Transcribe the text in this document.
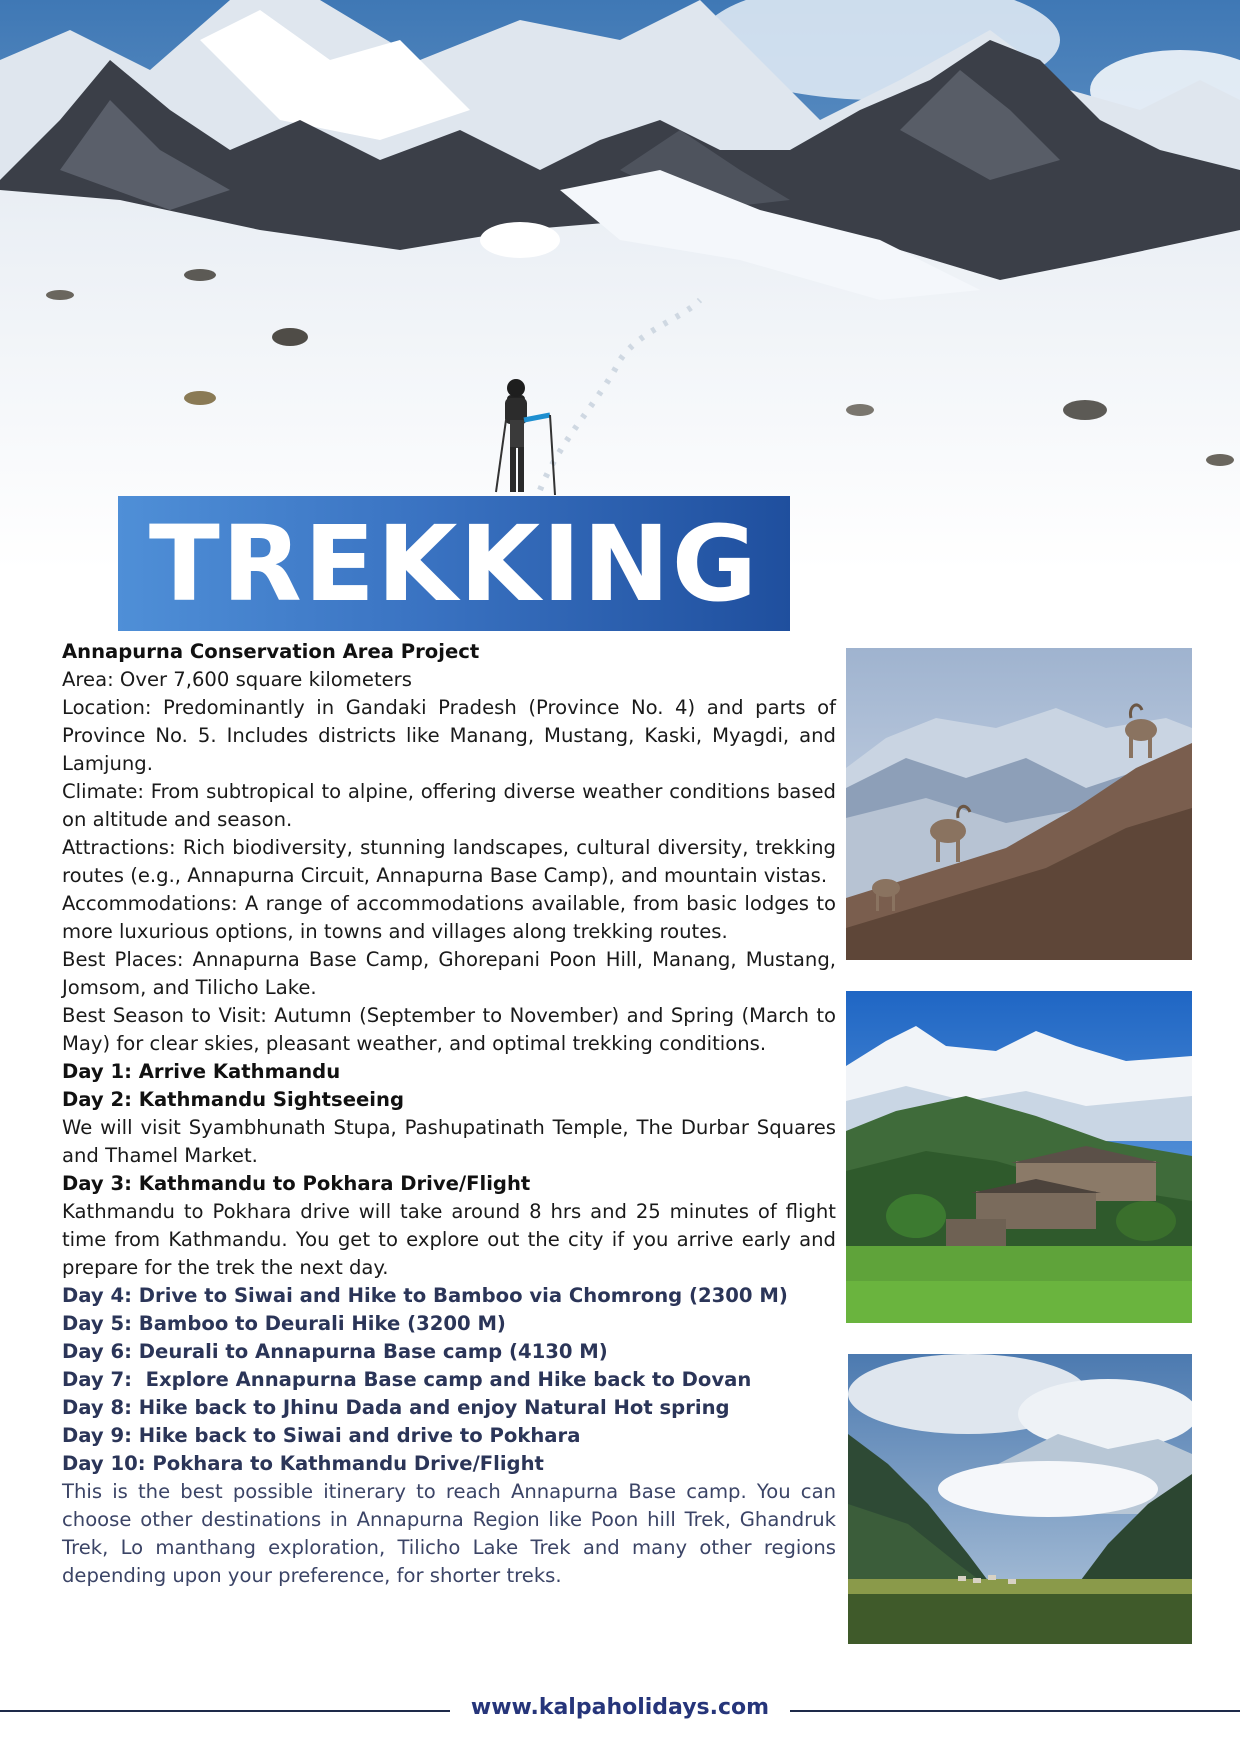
TREKKING

Annapurna Conservation Area Project

Area: Over 7,600 square kilometers

Location: Predominantly in Gandaki Pradesh (Province No. 4) and parts of Province No. 5. Includes districts like Manang, Mustang, Kaski, Myagdi, and Lamjung.

Climate: From subtropical to alpine, offering diverse weather conditions based on altitude and season.

Attractions: Rich biodiversity, stunning landscapes, cultural diversity, trekking routes (e.g., Annapurna Circuit, Annapurna Base Camp), and mountain vistas.

Accommodations: A range of accommodations available, from basic lodges to more luxurious options, in towns and villages along trekking routes.

Best Places: Annapurna Base Camp, Ghorepani Poon Hill, Manang, Mustang, Jomsom, and Tilicho Lake.

Best Season to Visit: Autumn (September to November) and Spring (March to May) for clear skies, pleasant weather, and optimal trekking conditions.

Day 1: Arrive Kathmandu

Day 2: Kathmandu Sightseeing

We will visit Syambhunath Stupa, Pashupatinath Temple, The Durbar Squares and Thamel Market.

Day 3: Kathmandu to Pokhara Drive/Flight

Kathmandu to Pokhara drive will take around 8 hrs and 25 minutes of flight time from Kathmandu. You get to explore out the city if you arrive early and prepare for the trek the next day.

Day 4: Drive to Siwai and Hike to Bamboo via Chomrong (2300 M)

Day 5: Bamboo to Deurali Hike (3200 M)

Day 6: Deurali to Annapurna Base camp (4130 M)

Day 7:  Explore Annapurna Base camp and Hike back to Dovan

Day 8: Hike back to Jhinu Dada and enjoy Natural Hot spring

Day 9: Hike back to Siwai and drive to Pokhara

Day 10: Pokhara to Kathmandu Drive/Flight

This is the best possible itinerary to reach Annapurna Base camp. You can choose other destinations in Annapurna Region like Poon hill Trek, Ghandruk Trek, Lo manthang exploration, Tilicho Lake Trek and many other regions depending upon your preference, for shorter treks.

www.kalpaholidays.com
